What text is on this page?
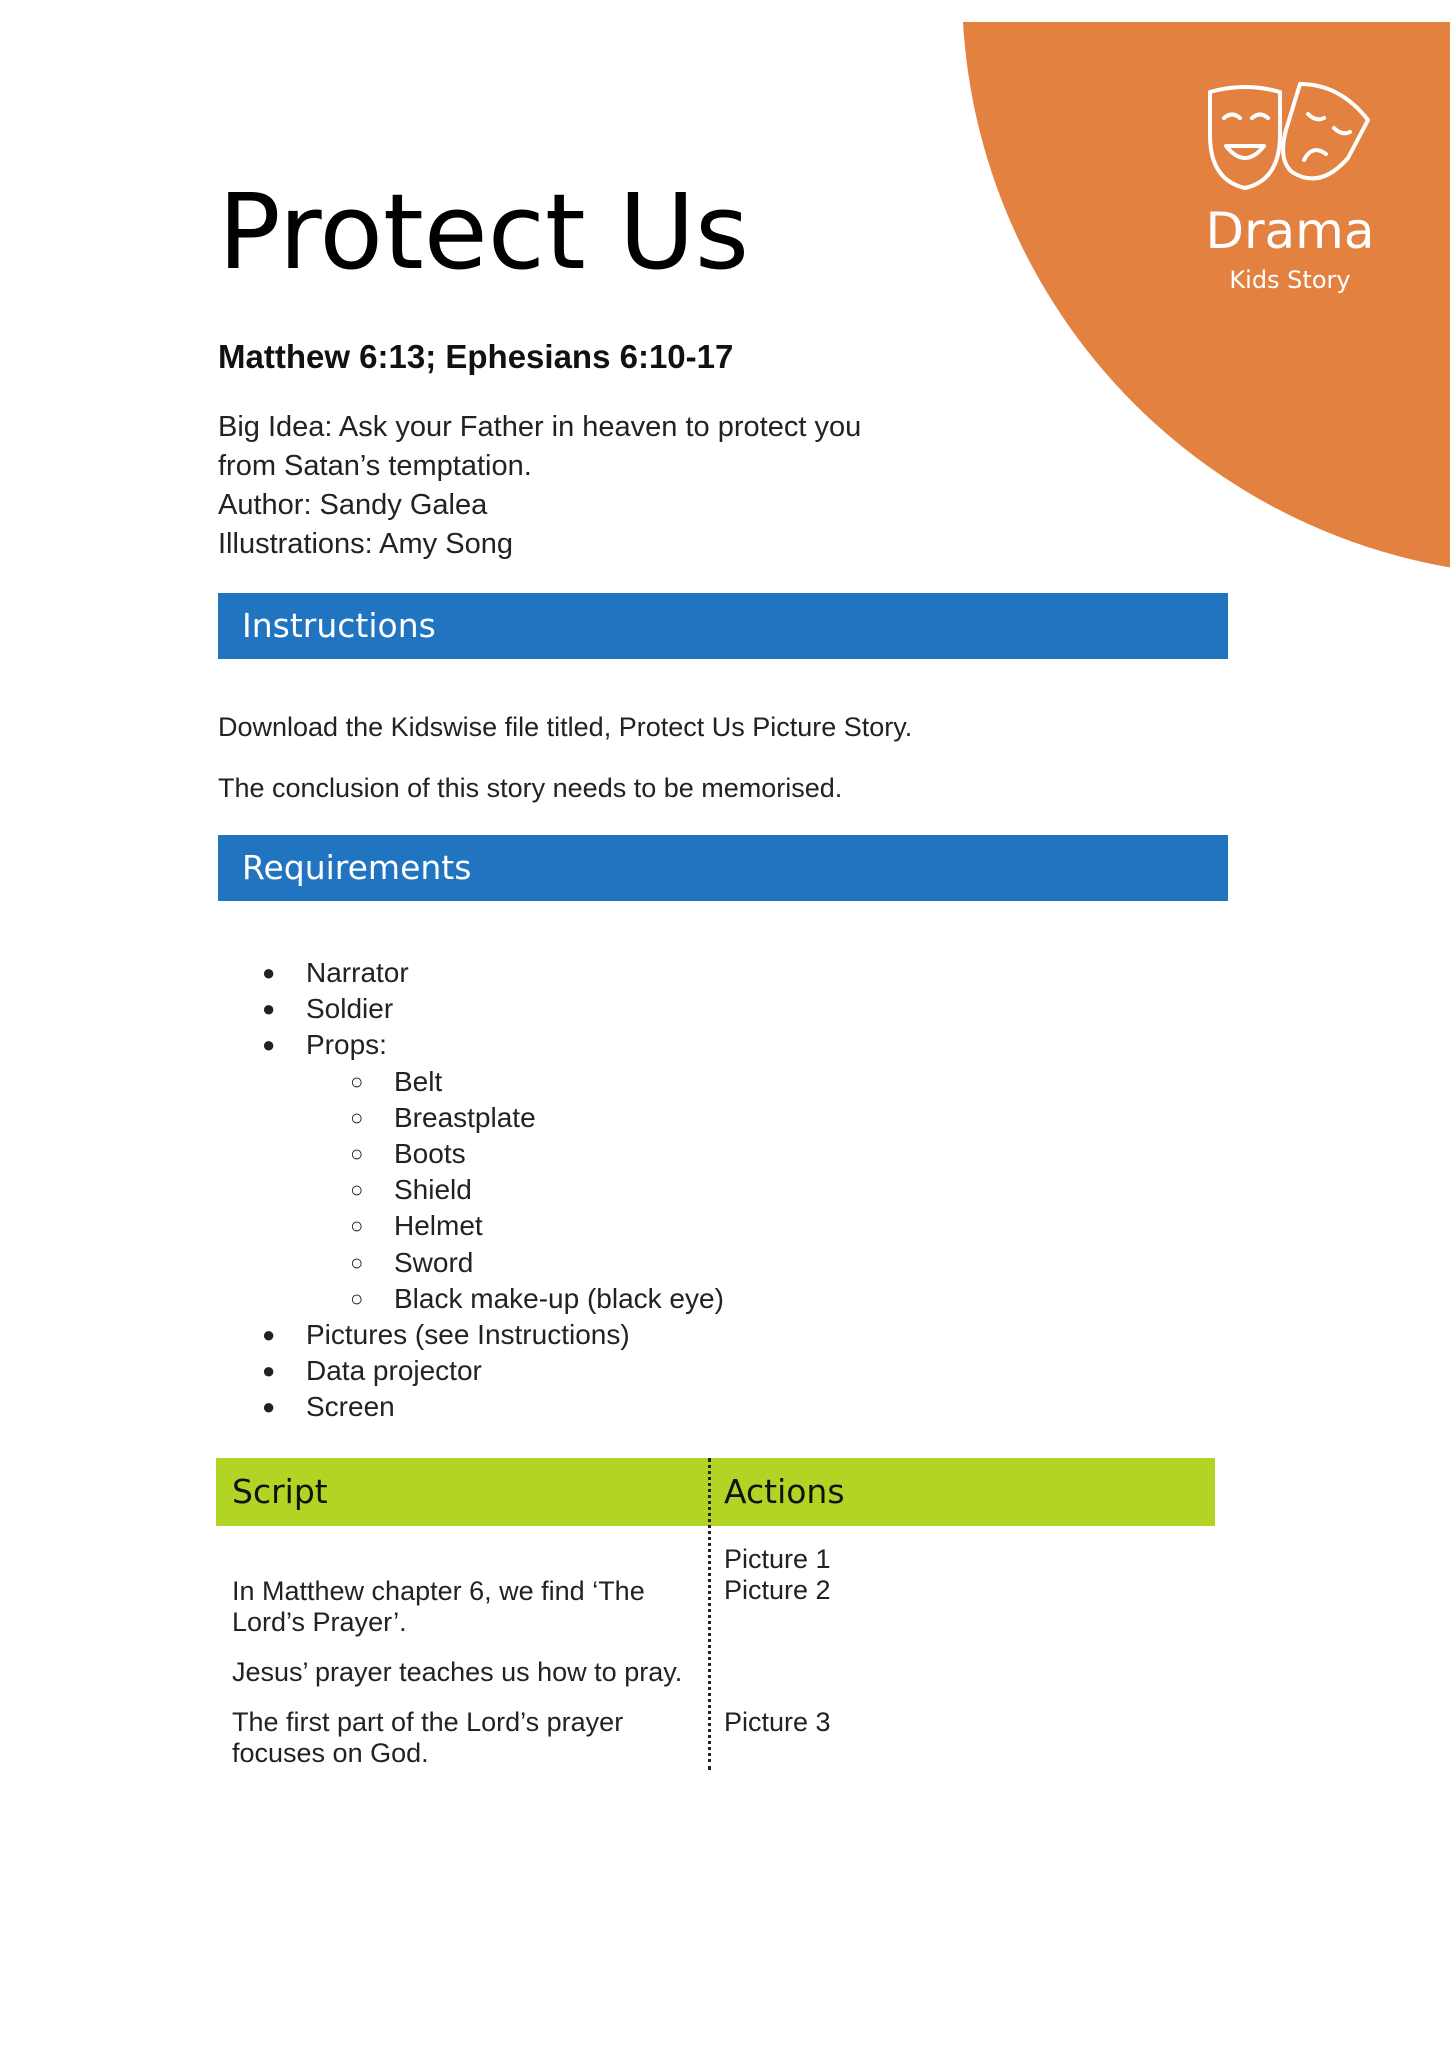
Drama
Kids Story
Protect Us

Matthew 6:13; Ephesians 6:10-17

Big Idea: Ask your Father in heaven to protect you
from Satan’s temptation.
Author: Sandy Galea
Illustrations: Amy Song
Instructions

Download the Kidswise file titled, Protect Us Picture Story.

The conclusion of this story needs to be memorised.

Requirements
● Narrator
● Soldier
● Props:
○ Belt
○ Breastplate
○ Boots
○ Shield
○ Helmet
○ Sword
○ Black make-up (black eye)
● Pictures (see Instructions)
● Data projector
● Screen
Script	Actions
In Matthew chapter 6, we find ‘The
Lord’s Prayer’.
Jesus’ prayer teaches us how to pray.
The first part of the Lord’s prayer
focuses on God.
Picture 1
Picture 2
Picture 3
